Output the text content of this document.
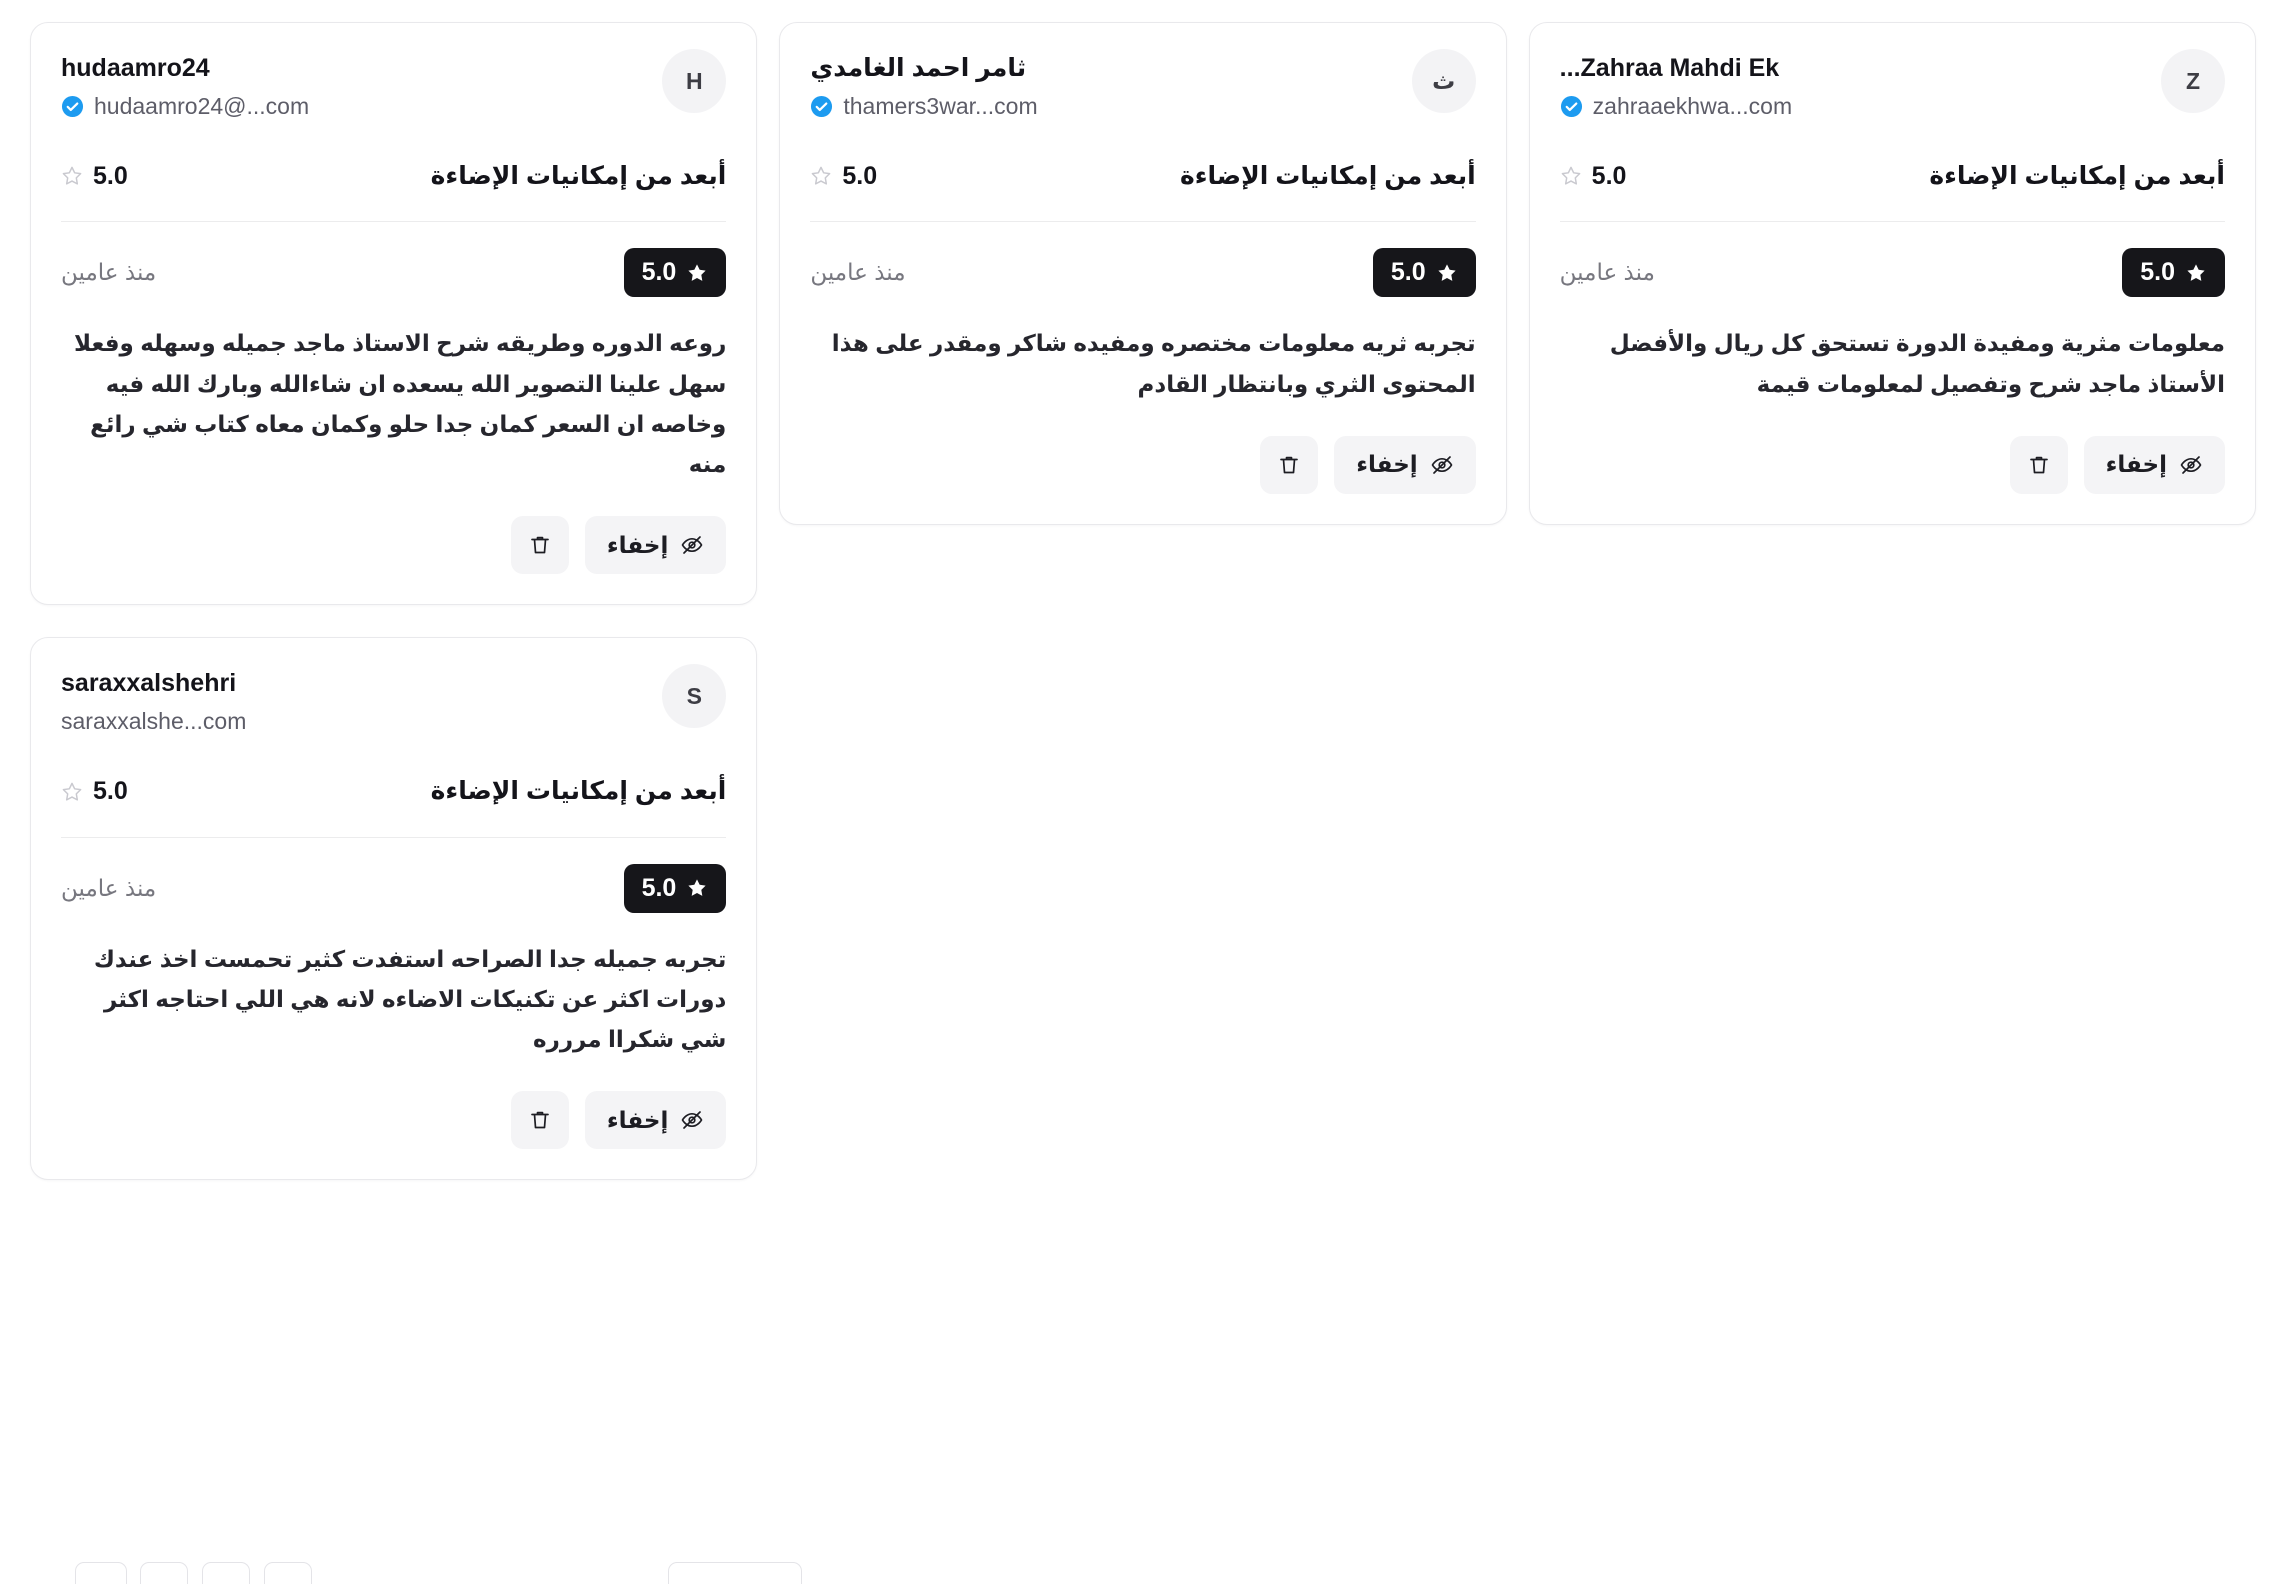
Z
Zahraa Mahdi Ek...
zahraaekhwa...com
أبعد من إمكانيات الإضاءة
5.0
5.0
منذ عامين
معلومات مثرية ومفيدة الدورة تستحق كل ريال والأفضل الأستاذ ماجد شرح وتفصيل لمعلومات قيمة
إخفاء
ث
ثامر احمد الغامدي
thamers3war...com
أبعد من إمكانيات الإضاءة
5.0
5.0
منذ عامين
تجربه ثريه معلومات مختصره ومفيده شاكر ومقدر على هذا المحتوى الثري وبانتظار القادم
إخفاء
H
hudaamro24
hudaamro24@...com
أبعد من إمكانيات الإضاءة
5.0
5.0
منذ عامين
روعه الدوره وطريقه شرح الاستاذ ماجد جميله وسهله وفعلا سهل علينا التصوير الله يسعده ان شاءالله وبارك الله فيه وخاصه ان السعر كمان جدا حلو وكمان معاه كتاب شي رائع منه
إخفاء
S
saraxxalshehri
saraxxalshe...com
أبعد من إمكانيات الإضاءة
5.0
5.0
منذ عامين
تجربه جميله جدا الصراحه استفدت كثير تحمست اخذ عندك دورات اكثر عن تكنيكات الاضاءه لانه هي اللي احتاجه اكثر شي شكراا مررره
إخفاء
